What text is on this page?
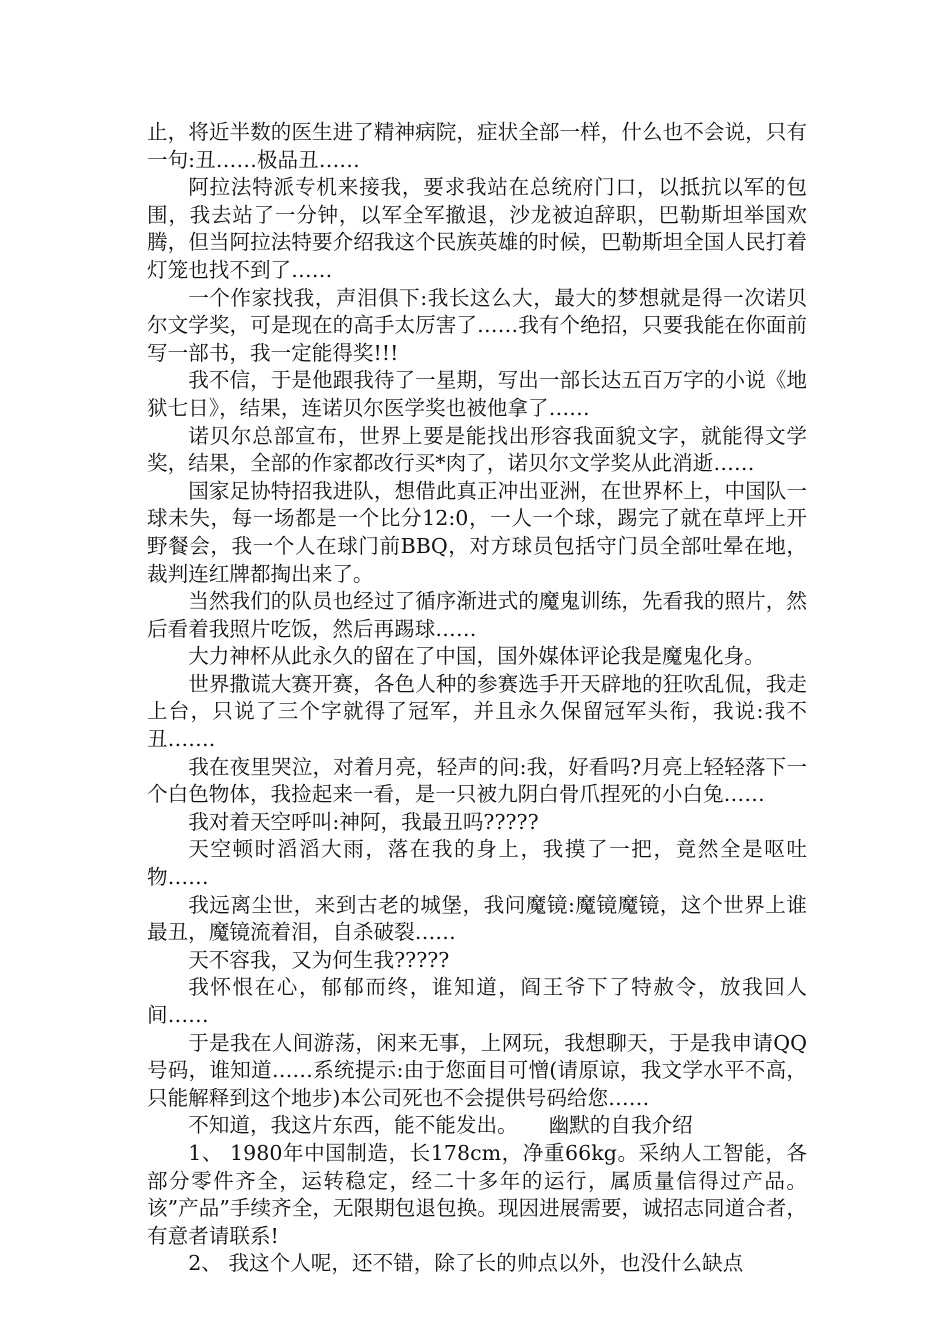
止，将近半数的医生进了精神病院，症状全部一样，什么也不会说，只有一句:丑……极品丑……

阿拉法特派专机来接我，要求我站在总统府门口，以抵抗以军的包围，我去站了一分钟，以军全军撤退，沙龙被迫辞职，巴勒斯坦举国欢腾，但当阿拉法特要介绍我这个民族英雄的时候，巴勒斯坦全国人民打着灯笼也找不到了……

一个作家找我，声泪俱下:我长这么大，最大的梦想就是得一次诺贝尔文学奖，可是现在的高手太厉害了……我有个绝招，只要我能在你面前写一部书，我一定能得奖!!!

我不信，于是他跟我待了一星期，写出一部长达五百万字的小说《地狱七日》，结果，连诺贝尔医学奖也被他拿了……

诺贝尔总部宣布，世界上要是能找出形容我面貌文字，就能得文学奖，结果，全部的作家都改行买*肉了，诺贝尔文学奖从此消逝……

国家足协特招我进队，想借此真正冲出亚洲，在世界杯上，中国队一球未失，每一场都是一个比分12:0，一人一个球，踢完了就在草坪上开野餐会，我一个人在球门前BBQ，对方球员包括守门员全部吐晕在地，裁判连红牌都掏出来了。

当然我们的队员也经过了循序渐进式的魔鬼训练，先看我的照片，然后看着我照片吃饭，然后再踢球……

大力神杯从此永久的留在了中国，国外媒体评论我是魔鬼化身。

世界撒谎大赛开赛，各色人种的参赛选手开天辟地的狂吹乱侃，我走上台，只说了三个字就得了冠军，并且永久保留冠军头衔，我说:我不丑…….

我在夜里哭泣，对着月亮，轻声的问:我，好看吗?月亮上轻轻落下一个白色物体，我捡起来一看，是一只被九阴白骨爪捏死的小白兔……

我对着天空呼叫:神阿，我最丑吗?????

天空顿时滔滔大雨，落在我的身上，我摸了一把，竟然全是呕吐物……

我远离尘世，来到古老的城堡，我问魔镜:魔镜魔镜，这个世界上谁最丑，魔镜流着泪，自杀破裂……

天不容我，又为何生我?????

我怀恨在心，郁郁而终，谁知道，阎王爷下了特赦令，放我回人间……

于是我在人间游荡，闲来无事，上网玩，我想聊天，于是我申请QQ号码，谁知道……系统提示:由于您面目可憎(请原谅，我文学水平不高，只能解释到这个地步)本公司死也不会提供号码给您……

不知道，我这片东西，能不能发出。　　幽默的自我介绍

1、 1980年中国制造，长178cm，净重66kg。采纳人工智能，各部分零件齐全，运转稳定，经二十多年的运行，属质量信得过产品。该”产品”手续齐全，无限期包退包换。现因进展需要，诚招志同道合者，有意者请联系!

2、 我这个人呢，还不错，除了长的帅点以外，也没什么缺点
